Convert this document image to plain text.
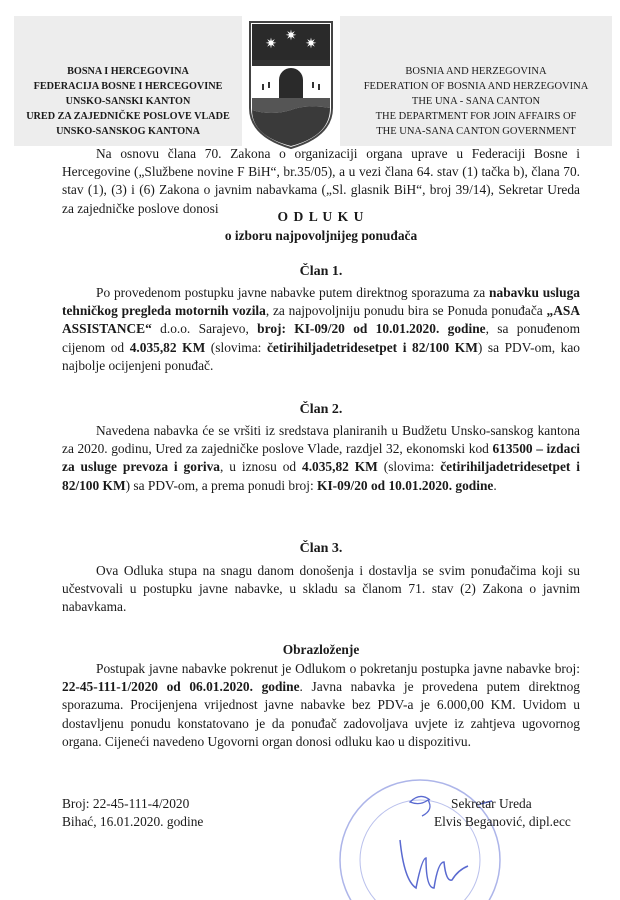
BOSNA I HERCEGOVINA
FEDERACIJA BOSNE I HERCEGOVINE
UNSKO-SANSKI KANTON
URED ZA ZAJEDNIČKE POSLOVE VLADE
UNSKO-SANSKOG KANTONA
✷
✷
✷
BOSNIA AND HERZEGOVINA
FEDERATION OF BOSNIA AND HERZEGOVINA
THE UNA - SANA CANTON
THE DEPARTMENT FOR JOIN AFFAIRS OF
THE UNA-SANA CANTON GOVERNMENT
Na osnovu člana 70. Zakona o organizaciji organa uprave u Federaciji Bosne i Hercegovine („Službene novine F BiH“, br.35/05), a u vezi člana 64. stav (1) tačka b), člana 70. stav (1), (3) i (6) Zakona o javnim nabavkama („Sl. glasnik BiH“, broj 39/14), Sekretar Ureda za zajedničke poslove donosi
O D L U K U
o izboru najpovoljnijeg ponuđača
Član 1.
Po provedenom postupku javne nabavke putem direktnog sporazuma za nabavku usluga tehničkog pregleda motornih vozila, za najpovoljniju ponudu bira se Ponuda ponuđača „ASA ASSISTANCE“ d.o.o. Sarajevo, broj: KI-09/20 od 10.01.2020. godine, sa ponuđenom cijenom od 4.035,82 KM (slovima: četirihiljadetridesetpet i 82/100 KM) sa PDV-om, kao najbolje ocijenjeni ponuđač.
Član 2.
Navedena nabavka će se vršiti iz sredstava planiranih u Budžetu Unsko-sanskog kantona za 2020. godinu, Ured za zajedničke poslove Vlade, razdjel 32, ekonomski kod 613500 – izdaci za usluge prevoza i goriva, u iznosu od 4.035,82 KM (slovima: četirihiljadetridesetpet i 82/100 KM) sa PDV-om, a prema ponudi broj: KI-09/20 od 10.01.2020. godine.
Član 3.
Ova Odluka stupa na snagu danom donošenja i dostavlja se svim ponuđačima koji su učestvovali u postupku javne nabavke, u skladu sa članom 71. stav (2) Zakona o javnim nabavkama.
Obrazloženje
Postupak javne nabavke pokrenut je Odlukom o pokretanju postupka javne nabavke broj: 22-45-111-1/2020 od 06.01.2020. godine. Javna nabavka je provedena putem direktnog sporazuma. Procijenjena vrijednost javne nabavke bez PDV-a je 6.000,00 KM. Uvidom u dostavljenu ponudu konstatovano je da ponuđač zadovoljava uvjete iz zahtjeva ugovornog organa. Cijeneći navedeno Ugovorni organ donosi odluku kao u dispozitivu.
Broj: 22-45-111-4/2020
Bihać, 16.01.2020. godine
Sekretar Ureda
Elvis Beganović, dipl.ecc
